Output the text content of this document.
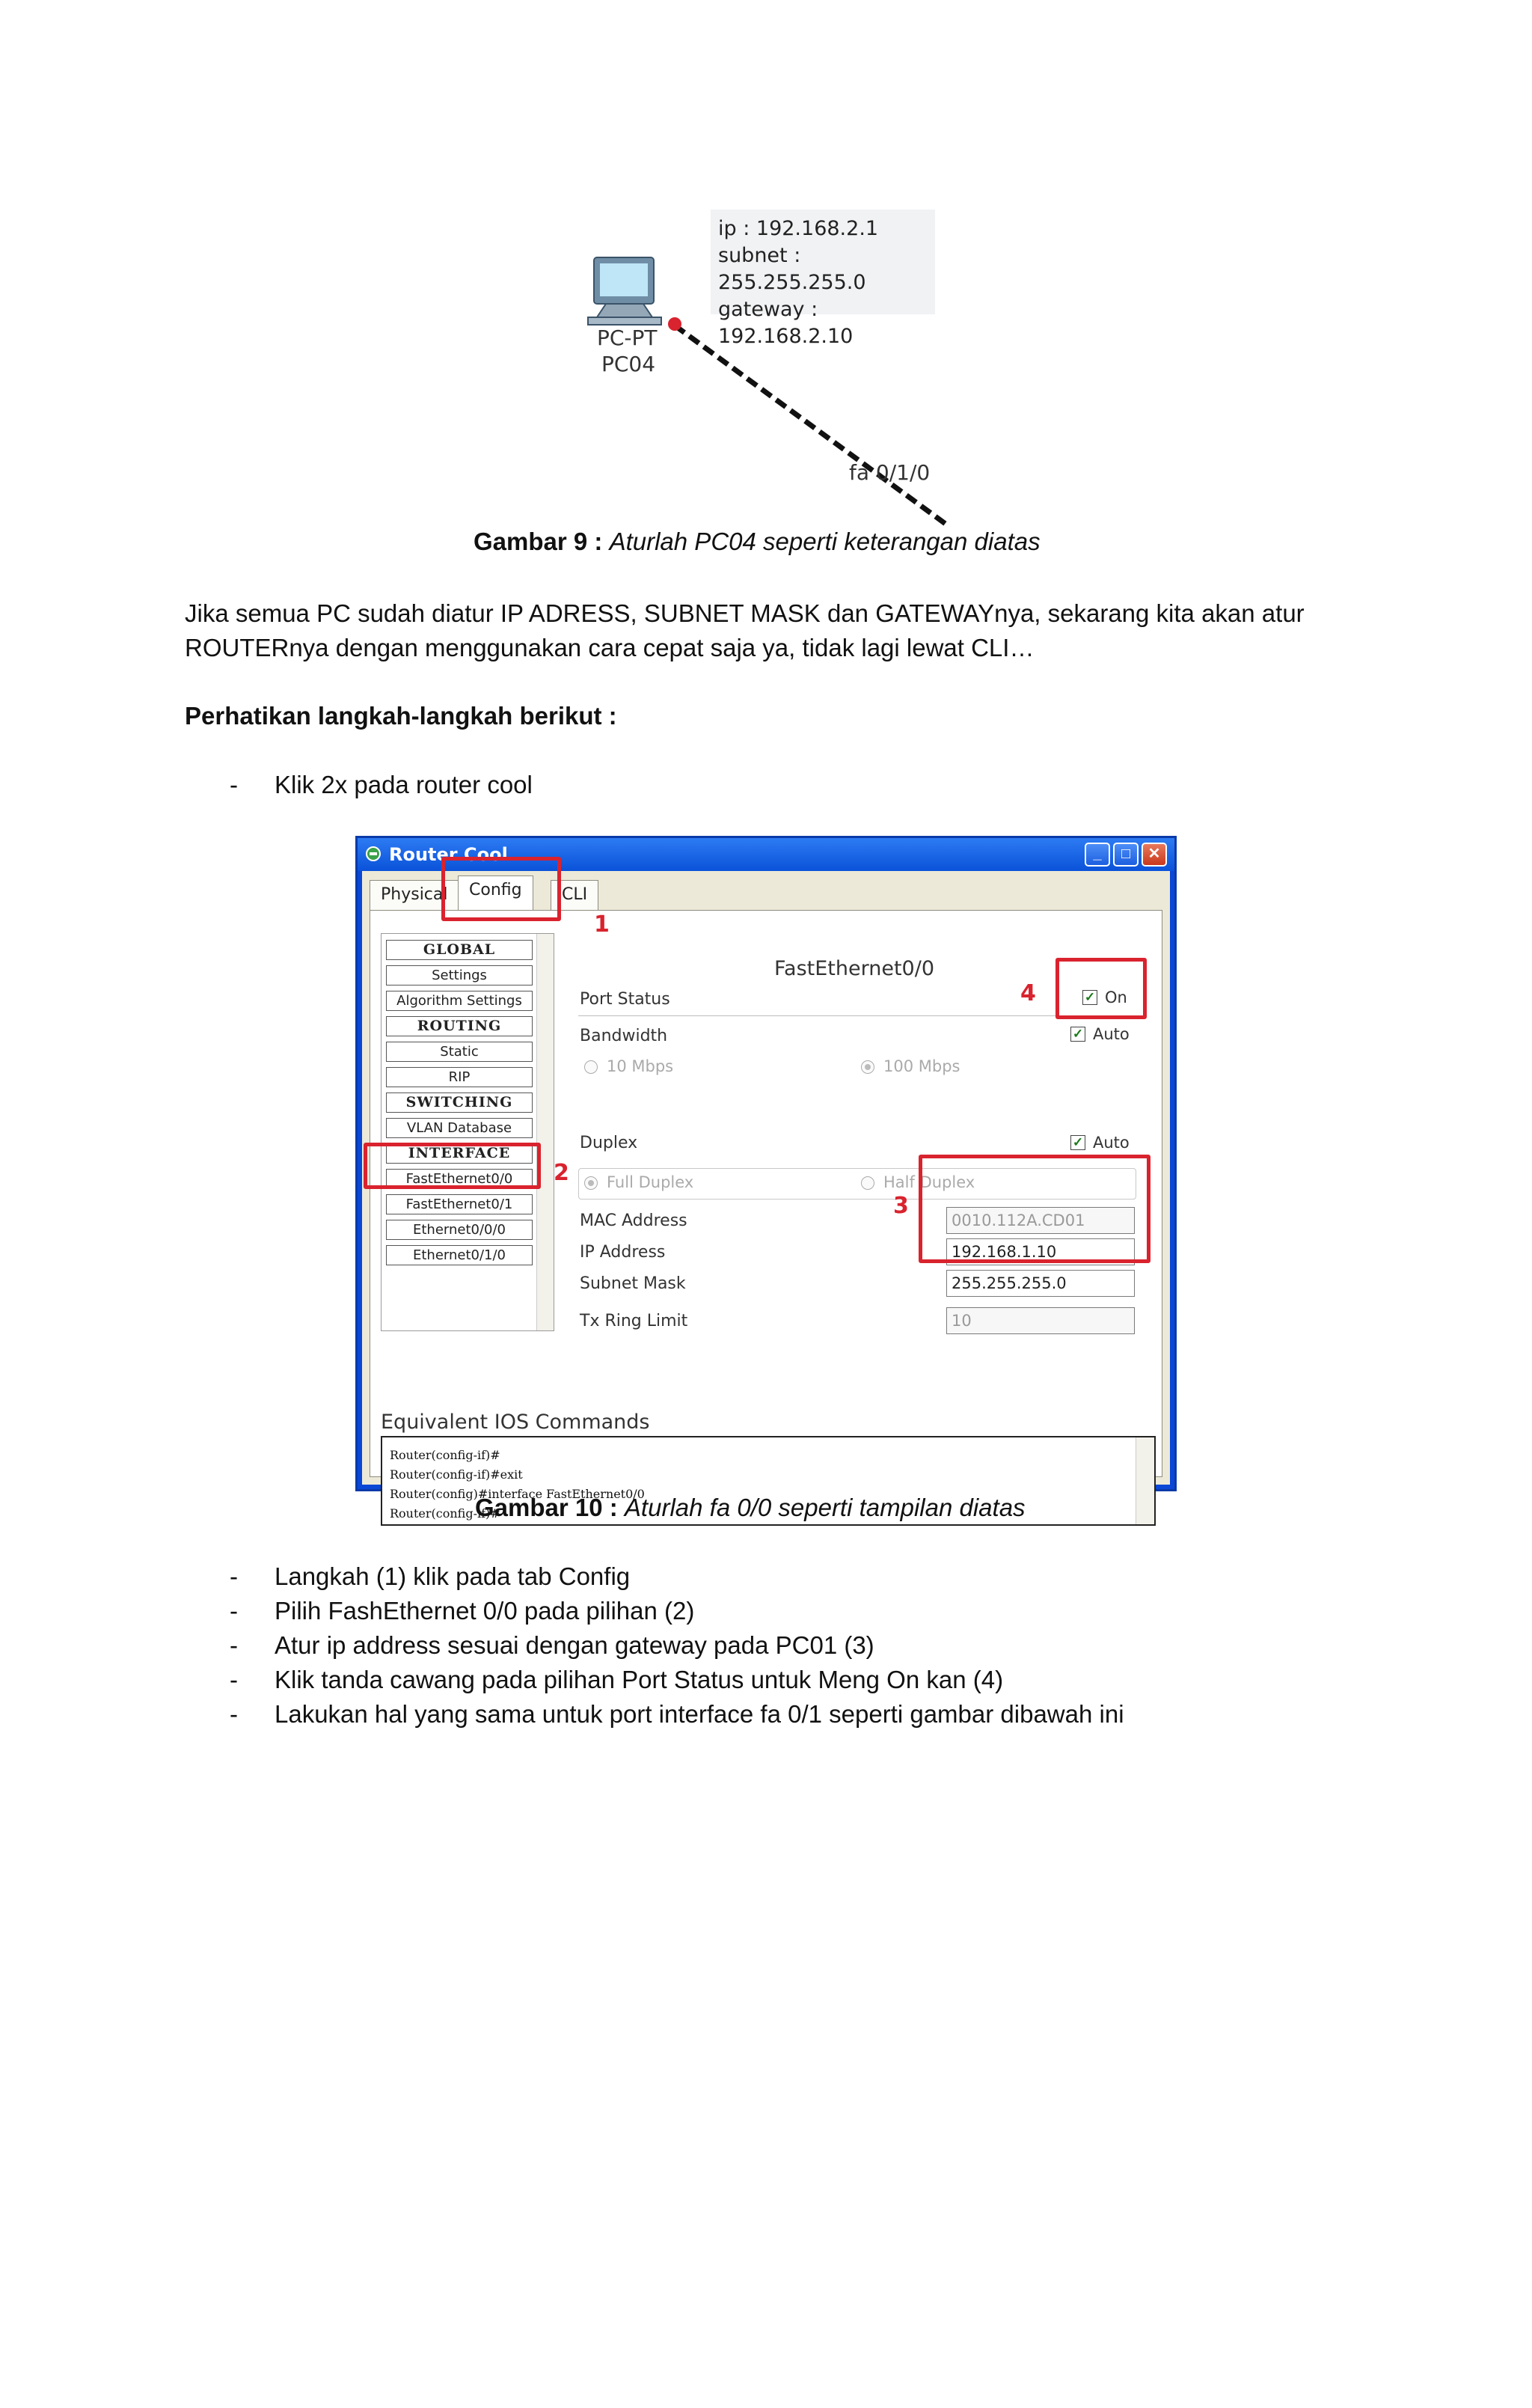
ip : 192.168.2.1
subnet : 255.255.255.0
gateway : 192.168.2.10
PC-PT
PC04
fa 0/1/0
Gambar 9 : Aturlah PC04 seperti keterangan diatas
Jika semua PC sudah diatur IP ADRESS, SUBNET MASK dan GATEWAYnya, sekarang kita akan atur ROUTERnya dengan menggunakan cara cepat saja ya, tidak lagi lewat CLI…
Perhatikan langkah-langkah berikut :
- Klik 2x pada router cool
Router Cool	_	□	✕
Physical	Config	CLI
GLOBAL
Settings
Algorithm Settings
ROUTING
Static
RIP
SWITCHING
VLAN Database
INTERFACE
FastEthernet0/0
FastEthernet0/1
Ethernet0/0/0
Ethernet0/1/0
FastEthernet0/0
Port Status	✓ On
Bandwidth	✓ Auto
10 Mbps	100 Mbps
Duplex	✓ Auto
Full Duplex	Half Duplex
MAC Address	0010.112A.CD01
IP Address	192.168.1.10
Subnet Mask	255.255.255.0
Tx Ring Limit	10
Equivalent IOS Commands
Router(config-if)#
Router(config-if)#exit
Router(config)#interface FastEthernet0/0
Router(config-if)#
1
2
3
4
Gambar 10 : Aturlah fa 0/0 seperti tampilan diatas
- Langkah (1) klik pada tab Config
- Pilih FashEthernet 0/0 pada pilihan (2)
- Atur ip address sesuai dengan gateway pada PC01 (3)
- Klik tanda cawang pada pilihan Port Status untuk Meng On kan (4)
- Lakukan hal yang sama untuk port interface fa 0/1 seperti gambar dibawah ini
